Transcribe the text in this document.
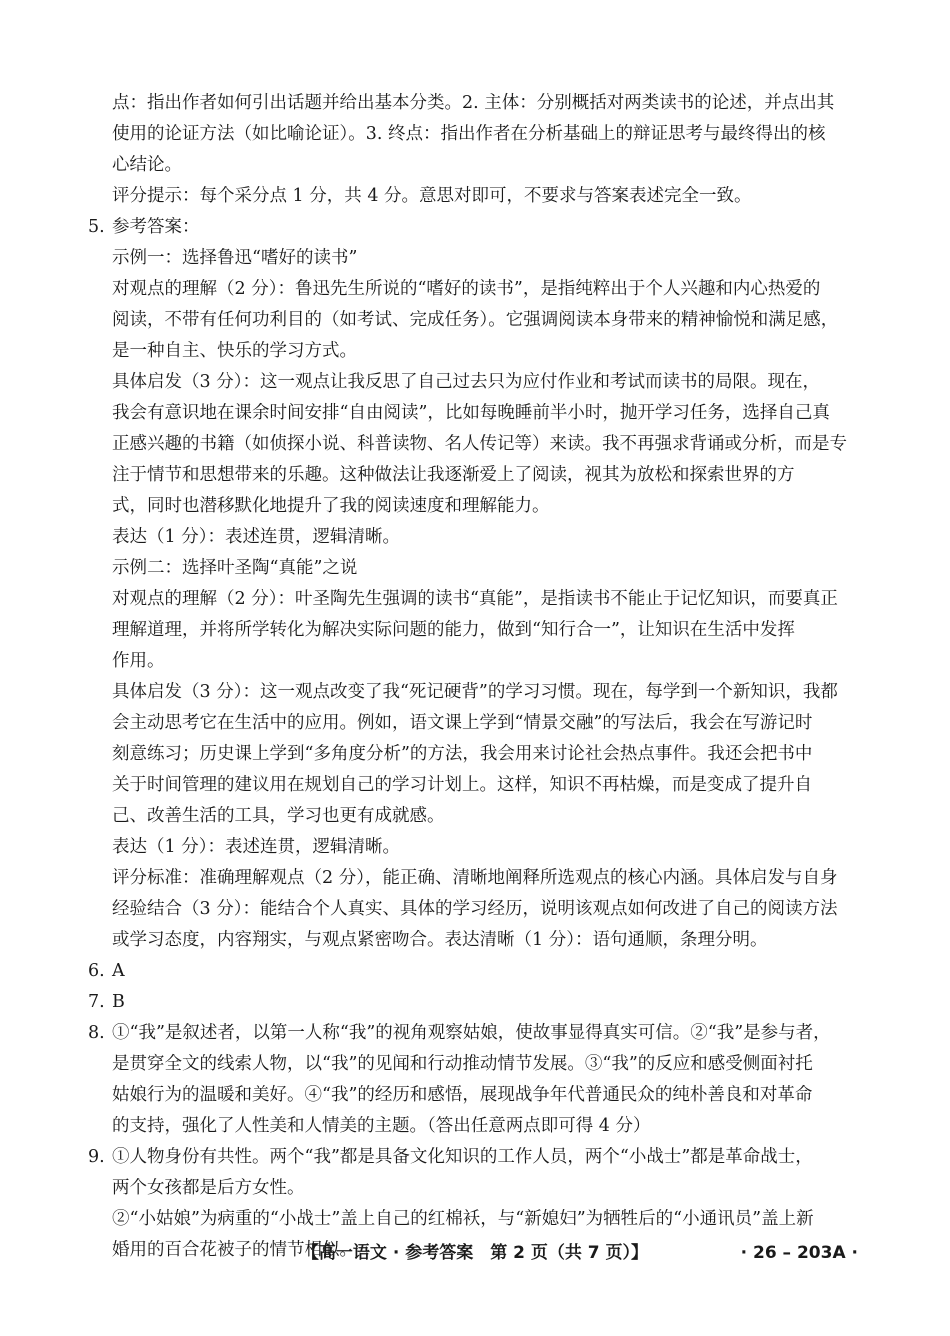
点：指出作者如何引出话题并给出基本分类。2. 主体：分别概括对两类读书的论述，并点出其
使用的论证方法（如比喻论证）。3. 终点：指出作者在分析基础上的辩证思考与最终得出的核
心结论。
评分提示：每个采分点 1 分，共 4 分。意思对即可，不要求与答案表述完全一致。
5. 参考答案：
示例一：选择鲁迅“嗜好的读书”
对观点的理解（2 分）：鲁迅先生所说的“嗜好的读书”，是指纯粹出于个人兴趣和内心热爱的
阅读，不带有任何功利目的（如考试、完成任务）。它强调阅读本身带来的精神愉悦和满足感，
是一种自主、快乐的学习方式。
具体启发（3 分）：这一观点让我反思了自己过去只为应付作业和考试而读书的局限。现在，
我会有意识地在课余时间安排“自由阅读”，比如每晚睡前半小时，抛开学习任务，选择自己真
正感兴趣的书籍（如侦探小说、科普读物、名人传记等）来读。我不再强求背诵或分析，而是专
注于情节和思想带来的乐趣。这种做法让我逐渐爱上了阅读，视其为放松和探索世界的方
式，同时也潜移默化地提升了我的阅读速度和理解能力。
表达（1 分）：表述连贯，逻辑清晰。
示例二：选择叶圣陶“真能”之说
对观点的理解（2 分）：叶圣陶先生强调的读书“真能”，是指读书不能止于记忆知识，而要真正
理解道理，并将所学转化为解决实际问题的能力，做到“知行合一”，让知识在生活中发挥
作用。
具体启发（3 分）：这一观点改变了我“死记硬背”的学习习惯。现在，每学到一个新知识，我都
会主动思考它在生活中的应用。例如，语文课上学到“情景交融”的写法后，我会在写游记时
刻意练习；历史课上学到“多角度分析”的方法，我会用来讨论社会热点事件。我还会把书中
关于时间管理的建议用在规划自己的学习计划上。这样，知识不再枯燥，而是变成了提升自
己、改善生活的工具，学习也更有成就感。
表达（1 分）：表述连贯，逻辑清晰。
评分标准：准确理解观点（2 分），能正确、清晰地阐释所选观点的核心内涵。具体启发与自身
经验结合（3 分）：能结合个人真实、具体的学习经历，说明该观点如何改进了自己的阅读方法
或学习态度，内容翔实，与观点紧密吻合。表达清晰（1 分）：语句通顺，条理分明。
6. A
7. B
8. ①“我”是叙述者，以第一人称“我”的视角观察姑娘，使故事显得真实可信。②“我”是参与者，
是贯穿全文的线索人物，以“我”的见闻和行动推动情节发展。③“我”的反应和感受侧面衬托
姑娘行为的温暖和美好。④“我”的经历和感悟，展现战争年代普通民众的纯朴善良和对革命
的支持，强化了人性美和人情美的主题。（答出任意两点即可得 4 分）
9. ①人物身份有共性。两个“我”都是具备文化知识的工作人员，两个“小战士”都是革命战士，
两个女孩都是后方女性。
②“小姑娘”为病重的“小战士”盖上自己的红棉袄，与“新媳妇”为牺牲后的“小通讯员”盖上新
婚用的百合花被子的情节相似。
【高一语文 · 参考答案　第 2 页（共 7 页）】	· 26 – 203A ·
